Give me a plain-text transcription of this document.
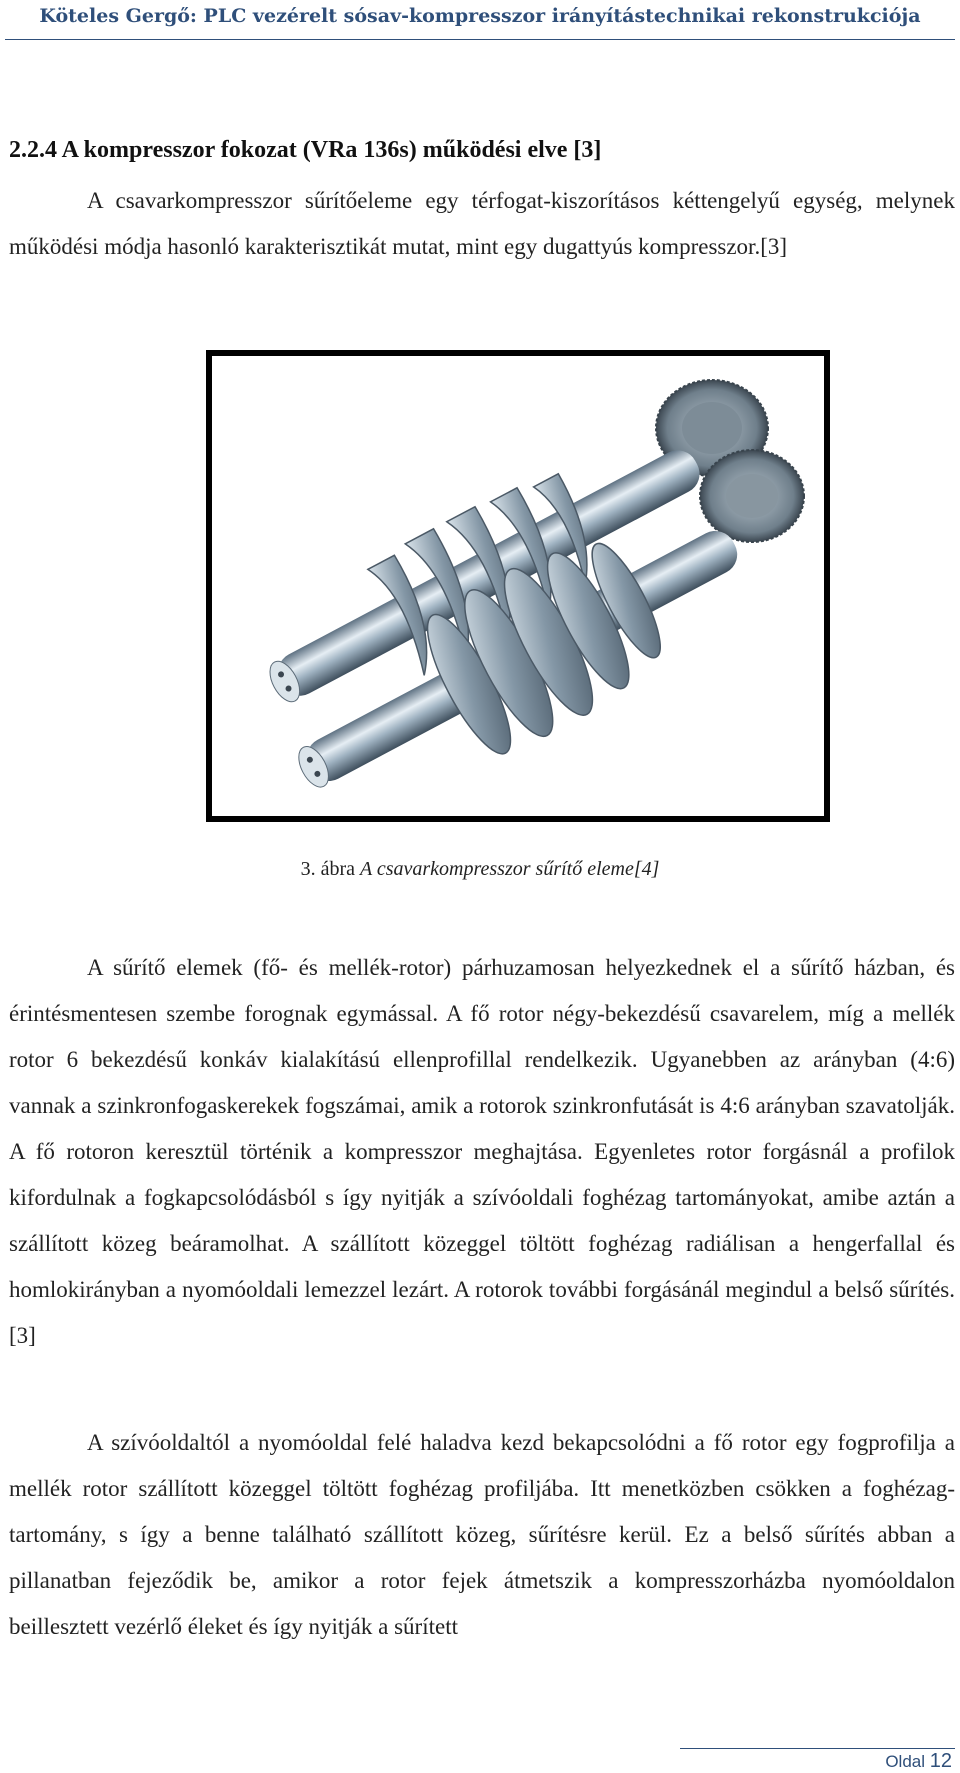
Köteles Gergő: PLC vezérelt sósav-kompresszor irányítástechnikai rekonstrukciója
2.2.4 A kompresszor fokozat (VRa 136s) működési elve [3]
A csavarkompresszor sűrítőeleme egy térfogat-kiszorításos kéttengelyű egység, melynek működési módja hasonló karakterisztikát mutat, mint egy dugattyús kompresszor.[3]
3. ábra A csavarkompresszor sűrítő eleme[4]
A sűrítő elemek (fő- és mellék-rotor) párhuzamosan helyezkednek el a sűrítő házban, és érintésmentesen szembe forognak egymással. A fő rotor négy-bekezdésű csavarelem, míg a mellék rotor 6 bekezdésű konkáv kialakítású ellenprofillal rendelkezik. Ugyanebben az arányban (4:6) vannak a szinkronfogaskerekek fogszámai, amik a rotorok szinkronfutását is 4:6 arányban szavatolják. A fő rotoron keresztül történik a kompresszor meghajtása. Egyenletes rotor forgásnál a profilok kifordulnak a fogkapcsolódásból s így nyitják a szívóoldali foghézag tartományokat, amibe aztán a szállított közeg beáramolhat. A szállított közeggel töltött foghézag radiálisan a hengerfallal és homlokirányban a nyomóoldali lemezzel lezárt. A rotorok további forgásánál megindul a belső sűrítés.[3]
A szívóoldaltól a nyomóoldal felé haladva kezd bekapcsolódni a fő rotor egy fogprofilja a mellék rotor szállított közeggel töltött foghézag profiljába. Itt menetközben csökken a foghézag-tartomány, s így a benne található szállított közeg, sűrítésre kerül. Ez a belső sűrítés abban a pillanatban fejeződik be, amikor a rotor fejek átmetszik a kompresszorházba nyomóoldalon beillesztett vezérlő éleket és így nyitják a sűrített
Oldal 12
